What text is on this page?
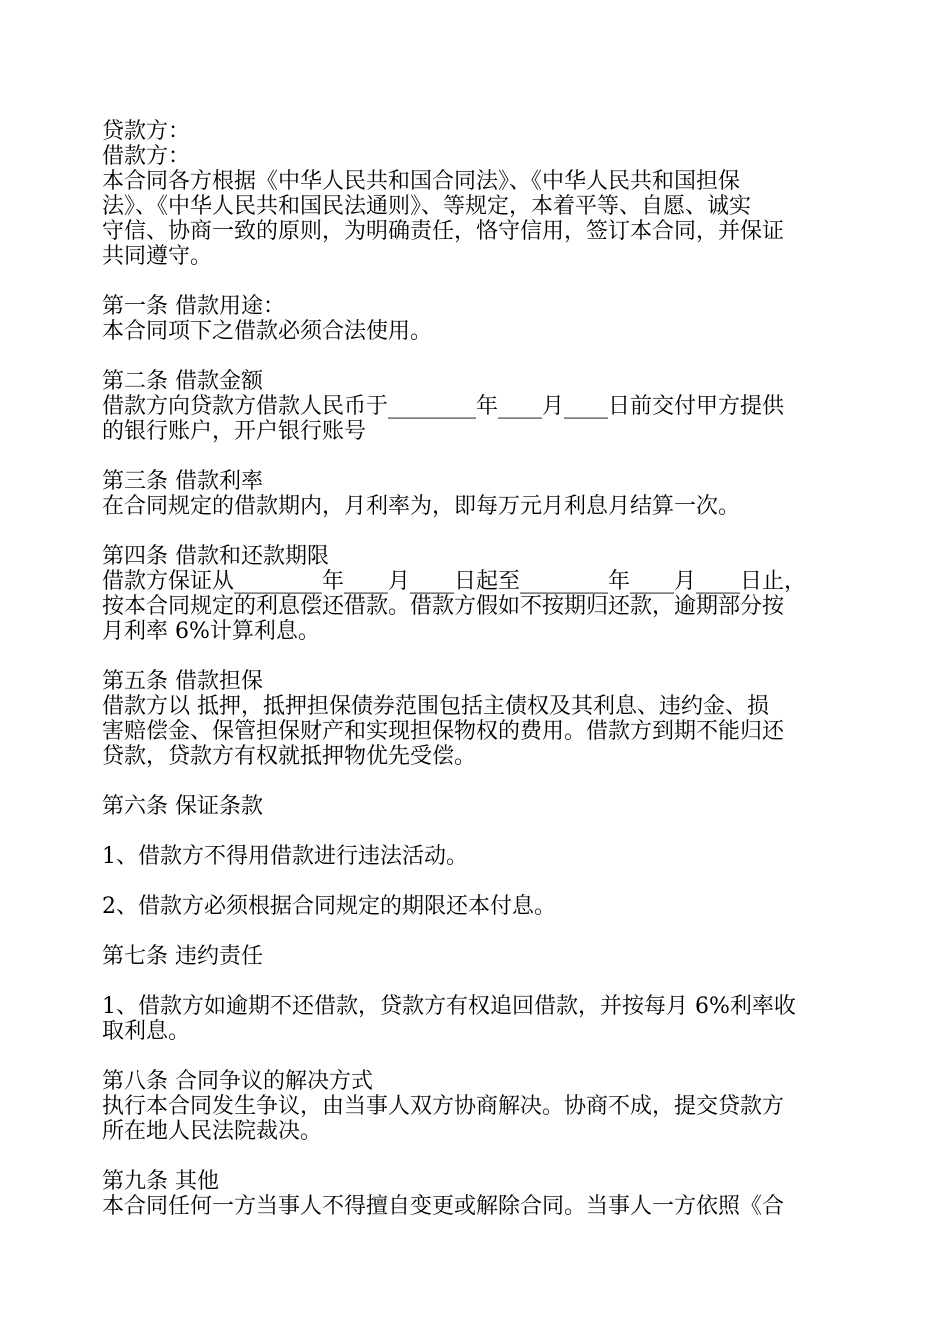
贷款方：

借款方：

本合同各方根据《中华人民共和国合同法》、《中华人民共和国担保

法》、《中华人民共和国民法通则》、等规定，本着平等、自愿、诚实

守信、协商一致的原则，为明确责任，恪守信用，签订本合同，并保证

共同遵守。

第一条 借款用途：

本合同项下之借款必须合法使用。

第二条 借款金额

借款方向贷款方借款人民币于________年____月____日前交付甲方提供

的银行账户，开户银行账号

第三条 借款利率

在合同规定的借款期内，月利率为，即每万元月利息月结算一次。

第四条 借款和还款期限

借款方保证从________年____月____日起至________年____月____日止，

按本合同规定的利息偿还借款。借款方假如不按期归还款，逾期部分按

月利率 6%计算利息。

第五条 借款担保

借款方以 抵押，抵押担保债券范围包括主债权及其利息、违约金、损

害赔偿金、保管担保财产和实现担保物权的费用。借款方到期不能归还

贷款，贷款方有权就抵押物优先受偿。

第六条 保证条款

1、借款方不得用借款进行违法活动。

2、借款方必须根据合同规定的期限还本付息。

第七条 违约责任

1、借款方如逾期不还借款，贷款方有权追回借款，并按每月 6%利率收

取利息。

第八条 合同争议的解决方式

执行本合同发生争议，由当事人双方协商解决。协商不成，提交贷款方

所在地人民法院裁决。

第九条 其他

本合同任何一方当事人不得擅自变更或解除合同。当事人一方依照《合
